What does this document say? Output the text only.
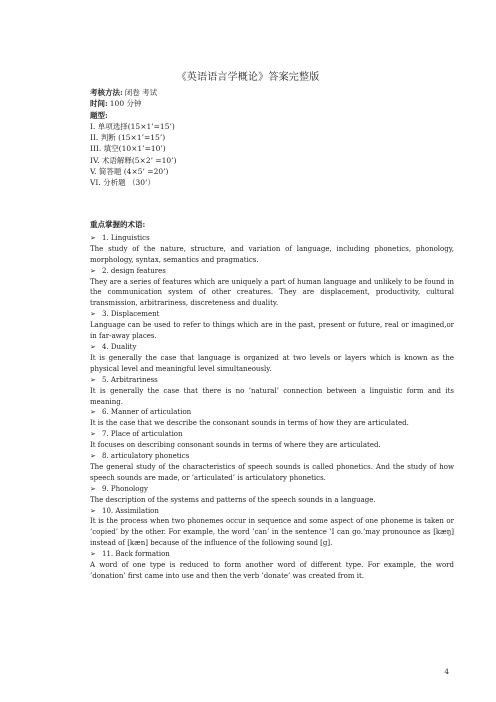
《英语语言学概论》答案完整版
考核方法: 闭卷 考试
时间: 100 分钟
题型:
I. 单项选择(15×1’=15’)
II. 判断 (15×1’=15’)
III. 填空(10×1’=10’)
IV. 术语解释(5×2’ =10’)
V. 简答题 (4×5’ =20’)
VI. 分析题 （30’）
重点掌握的术语:
➢ 1. Linguistics
The study of the nature, structure, and variation of language, including phonetics, phonology, morphology, syntax, semantics and pragmatics.
➢ 2. design features
They are a series of features which are uniquely a part of human language and unlikely to be found in the communication system of other creatures. They are displacement, productivity, cultural transmission, arbitrariness, discreteness and duality.
➢ 3. Displacement
Language can be used to refer to things which are in the past, present or future, real or imagined,or in far-away places.
➢ 4. Duality
It is generally the case that language is organized at two levels or layers which is known as the physical level and meaningful level simultaneously.
➢ 5. Arbitrariness
It is generally the case that there is no ’natural’ connection between a linguistic form and its meaning.
➢ 6. Manner of articulation
It is the case that we describe the consonant sounds in terms of how they are articulated.
➢ 7. Place of articulation
It focuses on describing consonant sounds in terms of where they are articulated.
➢ 8. articulatory phonetics
The general study of the characteristics of speech sounds is called phonetics. And the study of how speech sounds are made, or ’articulated’ is articulatory phonetics.
➢ 9. Phonology
The description of the systems and patterns of the speech sounds in a language.
➢ 10. Assimilation
It is the process when two phonemes occur in sequence and some aspect of one phoneme is taken or ’copied’ by the other. For example, the word ’can’ in the sentence ’I can go.’may pronounce as [kæŋ] instead of [kæn] because of the influence of the following sound [g].
➢ 11. Back formation
A word of one type is reduced to form another word of different type. For example, the word ’donation’ first came into use and then the verb ’donate’ was created from it.
4
